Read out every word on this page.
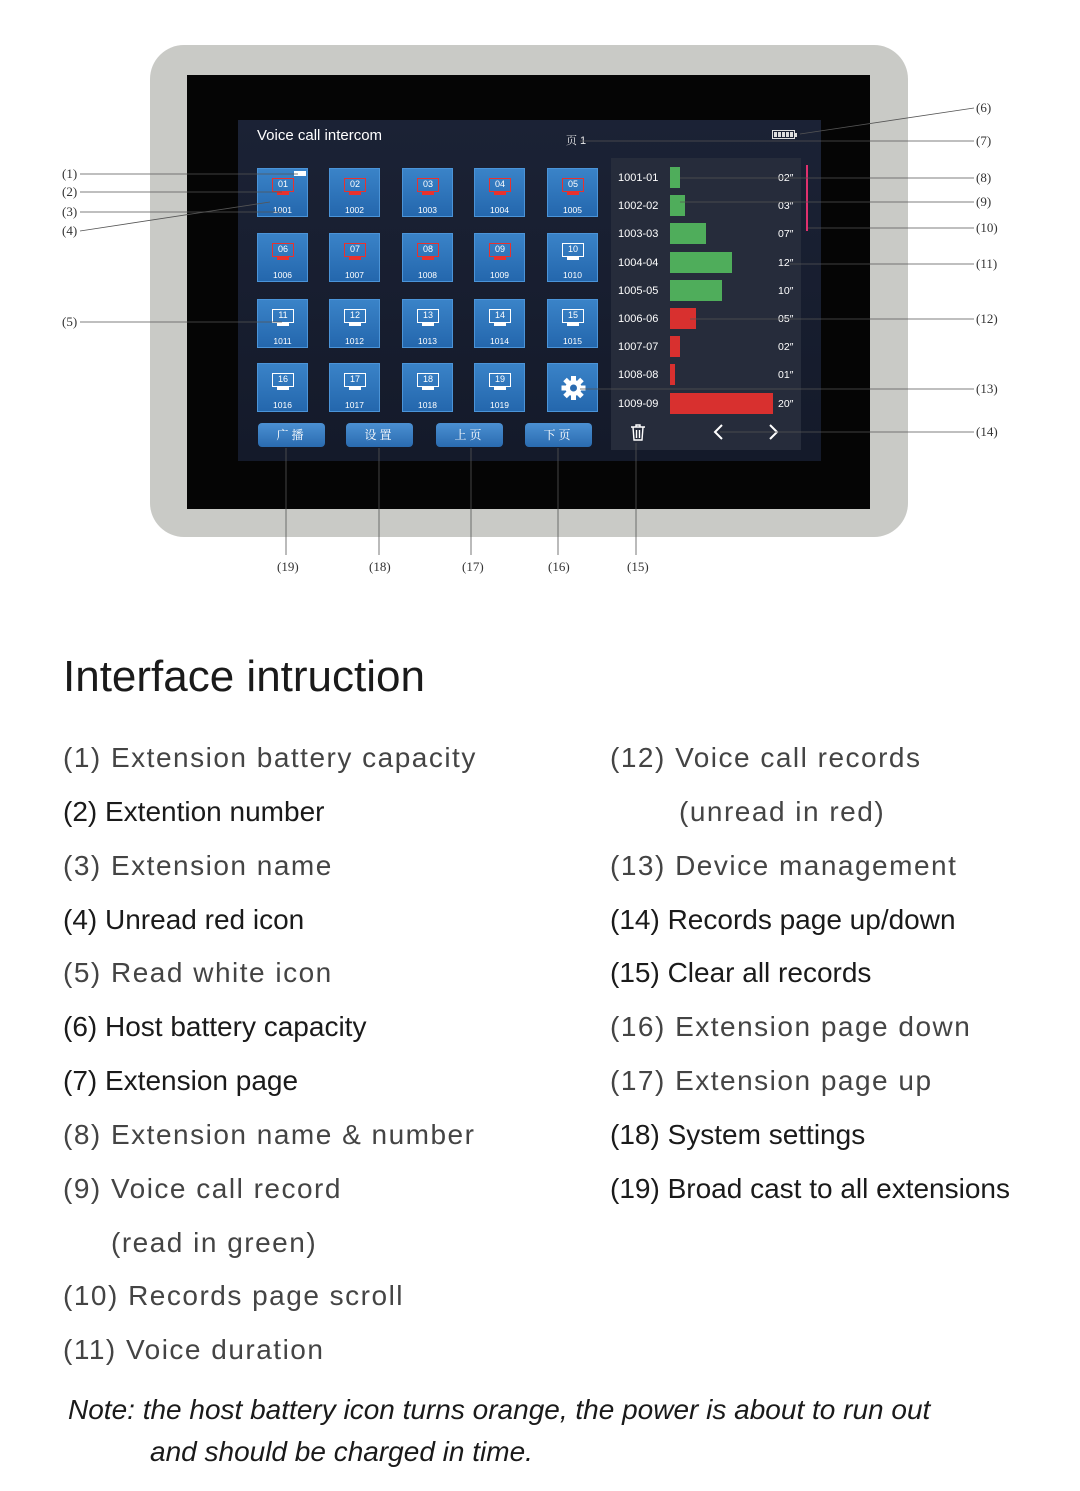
Voice call intercom	页 1
01
1001
02
1002
03
1003
04
1004
05
1005
06
1006
07
1007
08
1008
09
1009
10
1010
11
1011
12
1012
13
1013
14
1014
15
1015
16
1016
17
1017
18
1018
19
1019
广播	设置	上页	下页
1001-01	02″
1002-02	03″
1003-03	07″
1004-04	12″
1005-05	10″
1006-06	05″
1007-07	02″
1008-08	01″
1009-09	20″
(1)
(2)
(3)
(4)
(5)
(6)
(7)
(8)
(9)
(10)
(11)
(12)
(13)
(14)
(15)
(16)
(17)
(18)
(19)
Interface intruction
(1) Extension battery capacity
(2) Extention number
(3) Extension name
(4) Unread red icon
(5) Read white icon
(6) Host battery capacity
(7) Extension page
(8) Extension name & number
(9) Voice call record
(read in green)
(10) Records page scroll
(11) Voice duration
(12) Voice call records
(unread in red)
(13) Device management
(14) Records page up/down
(15) Clear all records
(16) Extension page down
(17) Extension page up
(18) System settings
(19) Broad cast to all extensions
Note: the host battery icon turns orange, the power is about to run out
and should be charged in time.
